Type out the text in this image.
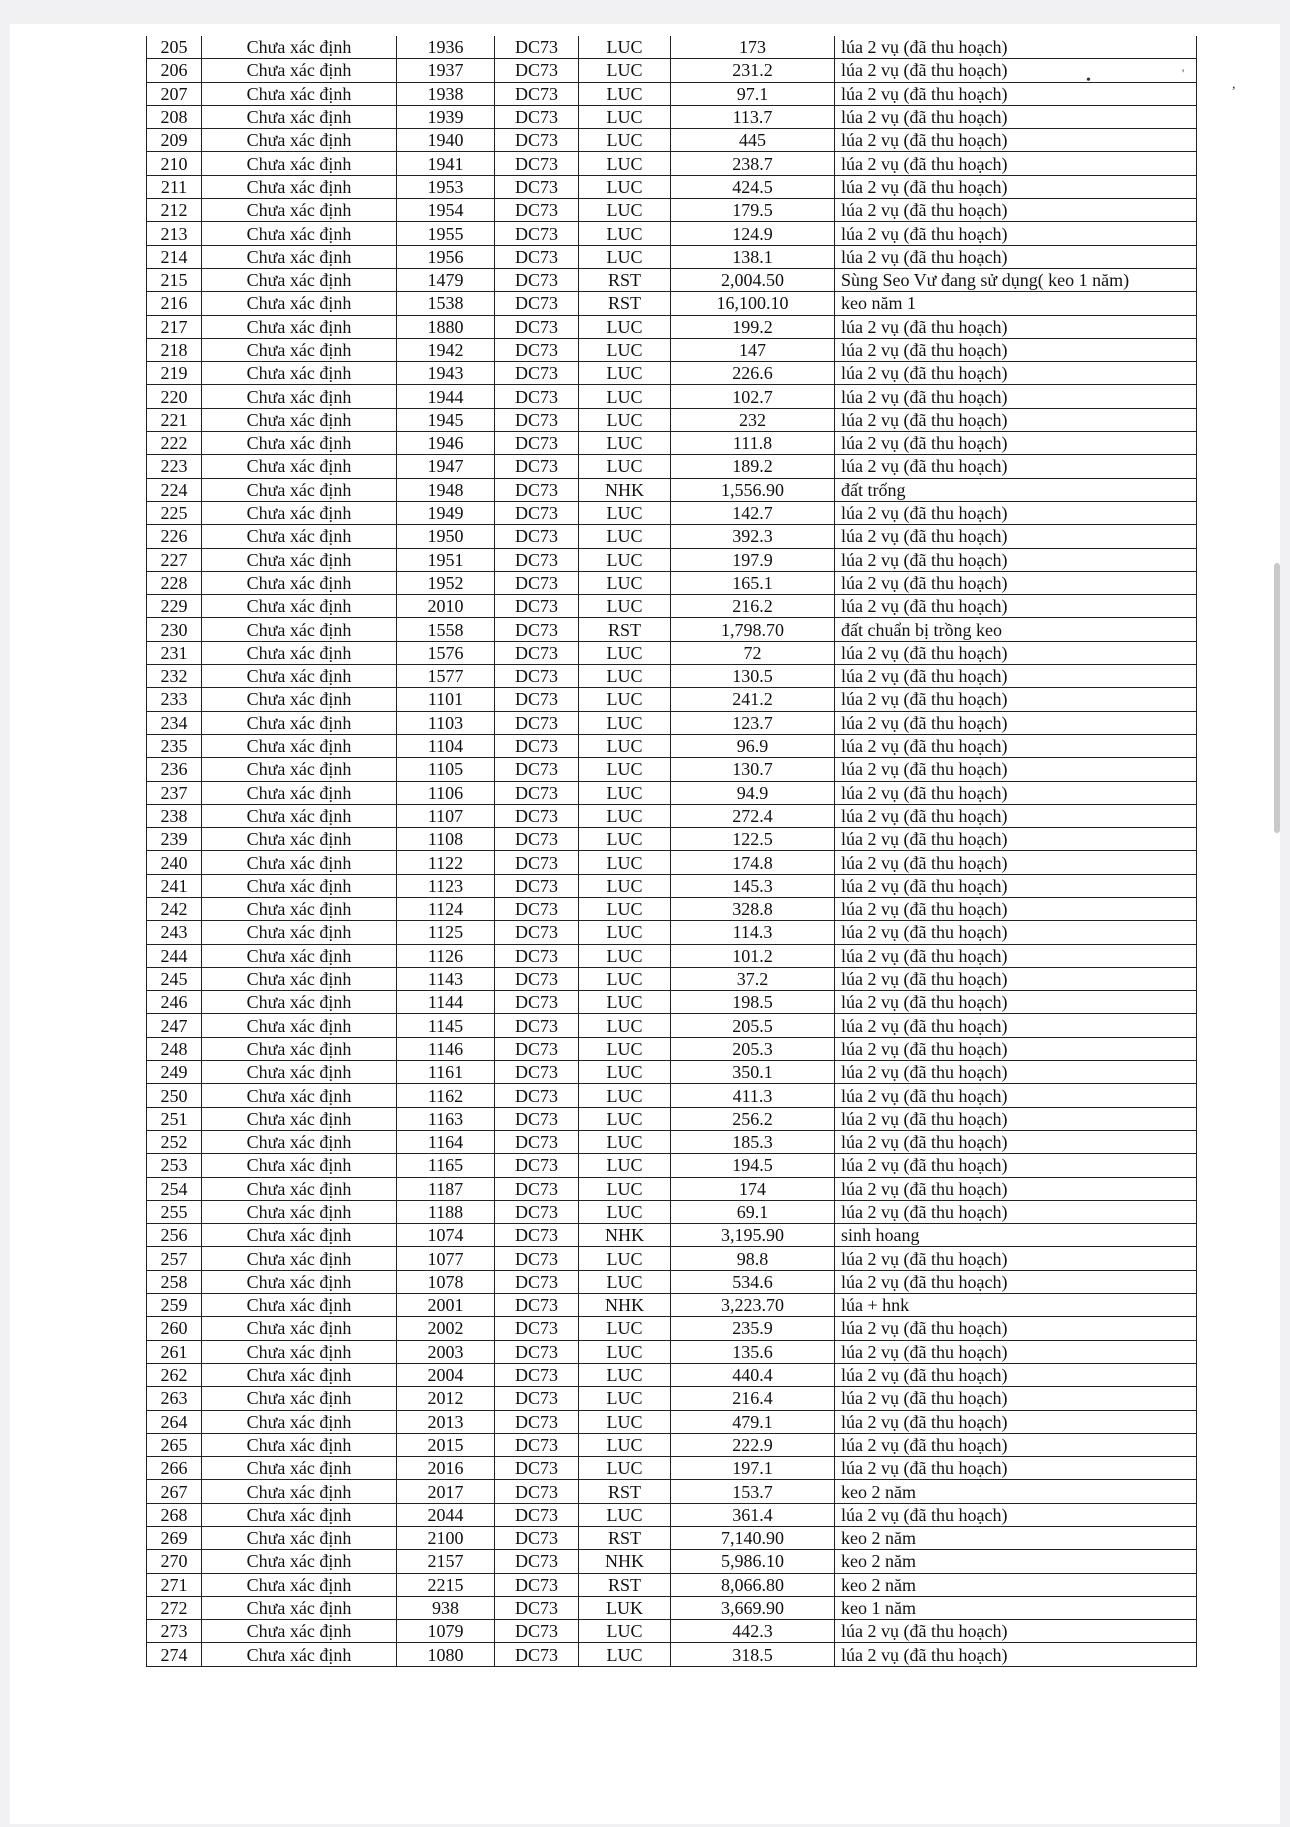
•	'
,
205	Chưa xác định	1936	DC73	LUC	173	lúa 2 vụ (đã thu hoạch)
206	Chưa xác định	1937	DC73	LUC	231.2	lúa 2 vụ (đã thu hoạch)
207	Chưa xác định	1938	DC73	LUC	97.1	lúa 2 vụ (đã thu hoạch)
208	Chưa xác định	1939	DC73	LUC	113.7	lúa 2 vụ (đã thu hoạch)
209	Chưa xác định	1940	DC73	LUC	445	lúa 2 vụ (đã thu hoạch)
210	Chưa xác định	1941	DC73	LUC	238.7	lúa 2 vụ (đã thu hoạch)
211	Chưa xác định	1953	DC73	LUC	424.5	lúa 2 vụ (đã thu hoạch)
212	Chưa xác định	1954	DC73	LUC	179.5	lúa 2 vụ (đã thu hoạch)
213	Chưa xác định	1955	DC73	LUC	124.9	lúa 2 vụ (đã thu hoạch)
214	Chưa xác định	1956	DC73	LUC	138.1	lúa 2 vụ (đã thu hoạch)
215	Chưa xác định	1479	DC73	RST	2,004.50	Sùng Seo Vư đang sử dụng( keo 1 năm)
216	Chưa xác định	1538	DC73	RST	16,100.10	keo năm 1
217	Chưa xác định	1880	DC73	LUC	199.2	lúa 2 vụ (đã thu hoạch)
218	Chưa xác định	1942	DC73	LUC	147	lúa 2 vụ (đã thu hoạch)
219	Chưa xác định	1943	DC73	LUC	226.6	lúa 2 vụ (đã thu hoạch)
220	Chưa xác định	1944	DC73	LUC	102.7	lúa 2 vụ (đã thu hoạch)
221	Chưa xác định	1945	DC73	LUC	232	lúa 2 vụ (đã thu hoạch)
222	Chưa xác định	1946	DC73	LUC	111.8	lúa 2 vụ (đã thu hoạch)
223	Chưa xác định	1947	DC73	LUC	189.2	lúa 2 vụ (đã thu hoạch)
224	Chưa xác định	1948	DC73	NHK	1,556.90	đất trống
225	Chưa xác định	1949	DC73	LUC	142.7	lúa 2 vụ (đã thu hoạch)
226	Chưa xác định	1950	DC73	LUC	392.3	lúa 2 vụ (đã thu hoạch)
227	Chưa xác định	1951	DC73	LUC	197.9	lúa 2 vụ (đã thu hoạch)
228	Chưa xác định	1952	DC73	LUC	165.1	lúa 2 vụ (đã thu hoạch)
229	Chưa xác định	2010	DC73	LUC	216.2	lúa 2 vụ (đã thu hoạch)
230	Chưa xác định	1558	DC73	RST	1,798.70	đất chuẩn bị trồng keo
231	Chưa xác định	1576	DC73	LUC	72	lúa 2 vụ (đã thu hoạch)
232	Chưa xác định	1577	DC73	LUC	130.5	lúa 2 vụ (đã thu hoạch)
233	Chưa xác định	1101	DC73	LUC	241.2	lúa 2 vụ (đã thu hoạch)
234	Chưa xác định	1103	DC73	LUC	123.7	lúa 2 vụ (đã thu hoạch)
235	Chưa xác định	1104	DC73	LUC	96.9	lúa 2 vụ (đã thu hoạch)
236	Chưa xác định	1105	DC73	LUC	130.7	lúa 2 vụ (đã thu hoạch)
237	Chưa xác định	1106	DC73	LUC	94.9	lúa 2 vụ (đã thu hoạch)
238	Chưa xác định	1107	DC73	LUC	272.4	lúa 2 vụ (đã thu hoạch)
239	Chưa xác định	1108	DC73	LUC	122.5	lúa 2 vụ (đã thu hoạch)
240	Chưa xác định	1122	DC73	LUC	174.8	lúa 2 vụ (đã thu hoạch)
241	Chưa xác định	1123	DC73	LUC	145.3	lúa 2 vụ (đã thu hoạch)
242	Chưa xác định	1124	DC73	LUC	328.8	lúa 2 vụ (đã thu hoạch)
243	Chưa xác định	1125	DC73	LUC	114.3	lúa 2 vụ (đã thu hoạch)
244	Chưa xác định	1126	DC73	LUC	101.2	lúa 2 vụ (đã thu hoạch)
245	Chưa xác định	1143	DC73	LUC	37.2	lúa 2 vụ (đã thu hoạch)
246	Chưa xác định	1144	DC73	LUC	198.5	lúa 2 vụ (đã thu hoạch)
247	Chưa xác định	1145	DC73	LUC	205.5	lúa 2 vụ (đã thu hoạch)
248	Chưa xác định	1146	DC73	LUC	205.3	lúa 2 vụ (đã thu hoạch)
249	Chưa xác định	1161	DC73	LUC	350.1	lúa 2 vụ (đã thu hoạch)
250	Chưa xác định	1162	DC73	LUC	411.3	lúa 2 vụ (đã thu hoạch)
251	Chưa xác định	1163	DC73	LUC	256.2	lúa 2 vụ (đã thu hoạch)
252	Chưa xác định	1164	DC73	LUC	185.3	lúa 2 vụ (đã thu hoạch)
253	Chưa xác định	1165	DC73	LUC	194.5	lúa 2 vụ (đã thu hoạch)
254	Chưa xác định	1187	DC73	LUC	174	lúa 2 vụ (đã thu hoạch)
255	Chưa xác định	1188	DC73	LUC	69.1	lúa 2 vụ (đã thu hoạch)
256	Chưa xác định	1074	DC73	NHK	3,195.90	sinh hoang
257	Chưa xác định	1077	DC73	LUC	98.8	lúa 2 vụ (đã thu hoạch)
258	Chưa xác định	1078	DC73	LUC	534.6	lúa 2 vụ (đã thu hoạch)
259	Chưa xác định	2001	DC73	NHK	3,223.70	lúa + hnk
260	Chưa xác định	2002	DC73	LUC	235.9	lúa 2 vụ (đã thu hoạch)
261	Chưa xác định	2003	DC73	LUC	135.6	lúa 2 vụ (đã thu hoạch)
262	Chưa xác định	2004	DC73	LUC	440.4	lúa 2 vụ (đã thu hoạch)
263	Chưa xác định	2012	DC73	LUC	216.4	lúa 2 vụ (đã thu hoạch)
264	Chưa xác định	2013	DC73	LUC	479.1	lúa 2 vụ (đã thu hoạch)
265	Chưa xác định	2015	DC73	LUC	222.9	lúa 2 vụ (đã thu hoạch)
266	Chưa xác định	2016	DC73	LUC	197.1	lúa 2 vụ (đã thu hoạch)
267	Chưa xác định	2017	DC73	RST	153.7	keo 2 năm
268	Chưa xác định	2044	DC73	LUC	361.4	lúa 2 vụ (đã thu hoạch)
269	Chưa xác định	2100	DC73	RST	7,140.90	keo 2 năm
270	Chưa xác định	2157	DC73	NHK	5,986.10	keo 2 năm
271	Chưa xác định	2215	DC73	RST	8,066.80	keo 2 năm
272	Chưa xác định	938	DC73	LUK	3,669.90	keo 1 năm
273	Chưa xác định	1079	DC73	LUC	442.3	lúa 2 vụ (đã thu hoạch)
274	Chưa xác định	1080	DC73	LUC	318.5	lúa 2 vụ (đã thu hoạch)
